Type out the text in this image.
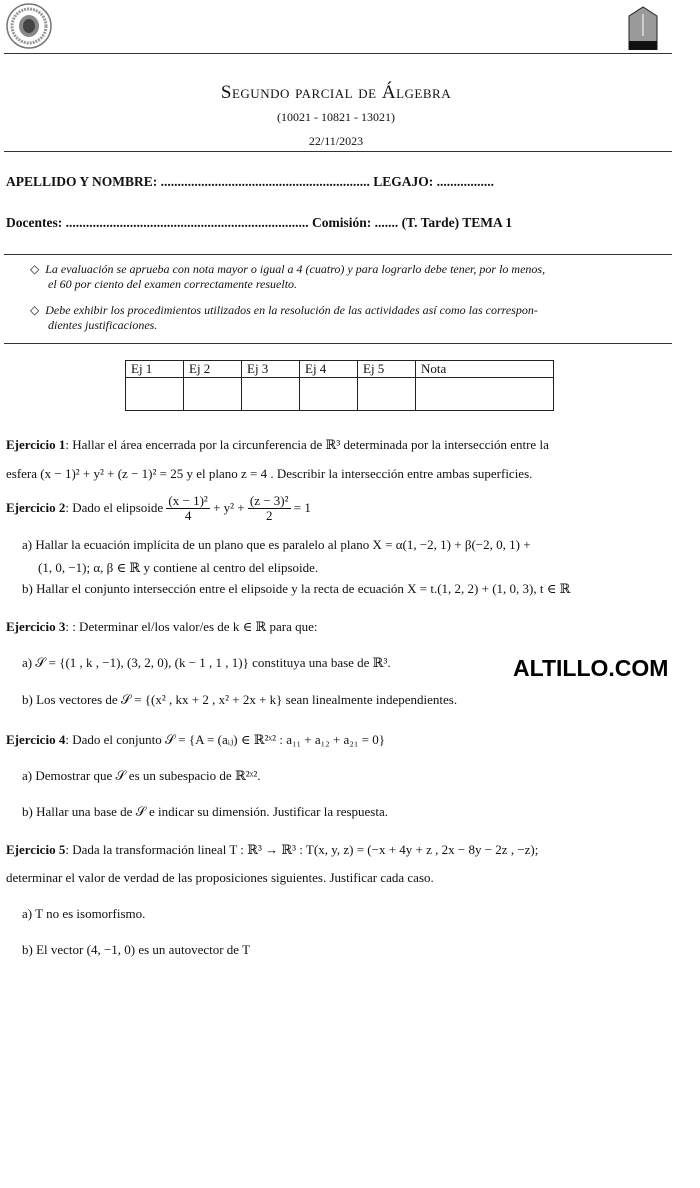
Segundo parcial de Álgebra
(10021 - 10821 - 13021)
22/11/2023
APELLIDO Y NOMBRE: .............................................................. LEGAJO: .................
Docentes: ........................................................................ Comisión: ....... (T. Tarde) TEMA 1
◇ La evaluación se aprueba con nota mayor o igual a 4 (cuatro) y para lograrlo debe tener, por lo menos,
el 60 por ciento del examen correctamente resuelto.
◇ Debe exhibir los procedimientos utilizados en la resolución de las actividades así como las correspon-
dientes justificaciones.
Ej 1	Ej 2	Ej 3	Ej 4	Ej 5	Nota

Ejercicio 1: Hallar el área encerrada por la circunferencia de ℝ³ determinada por la intersección entre la
esfera (x − 1)² + y² + (z − 1)² = 25 y el plano z = 4 . Describir la intersección entre ambas superficies.
Ejercicio 2: Dado el elipsoide $\frac{\text{(x − 1)²}}{4} + y^2 + \frac{\text{(z − 3)²}}{2} = 1$
a) Hallar la ecuación implícita de un plano que es paralelo al plano X = α(1, −2, 1) + β(−2, 0, 1) +
(1, 0, −1); α, β ∈ ℝ y contiene al centro del elipsoide.
b) Hallar el conjunto intersección entre el elipsoide y la recta de ecuación X = t.(1, 2, 2) + (1, 0, 3), t ∈ ℝ
Ejercicio 3: : Determinar el/los valor/es de k ∈ ℝ para que:
a) 𝒮 = {(1 , k , −1), (3, 2, 0), (k − 1 , 1 , 1)} constituya una base de ℝ³.
b) Los vectores de 𝒮 = {(x² , kx + 2 , x² + 2x + k} sean linealmente independientes.
ALTILLO.COM
Ejercicio 4: Dado el conjunto 𝒮 = {A = (aᵢⱼ) ∈ ℝ²ˣ² : a₁₁ + a₁₂ + a₂₁ = 0}
a) Demostrar que 𝒮 es un subespacio de ℝ²ˣ².
b) Hallar una base de 𝒮 e indicar su dimensión. Justificar la respuesta.
Ejercicio 5: Dada la transformación lineal T : ℝ³ → ℝ³ : T(x, y, z) = (−x + 4y + z , 2x − 8y − 2z , −z);
determinar el valor de verdad de las proposiciones siguientes. Justificar cada caso.
a) T no es isomorfismo.
b) El vector (4, −1, 0) es un autovector de T
